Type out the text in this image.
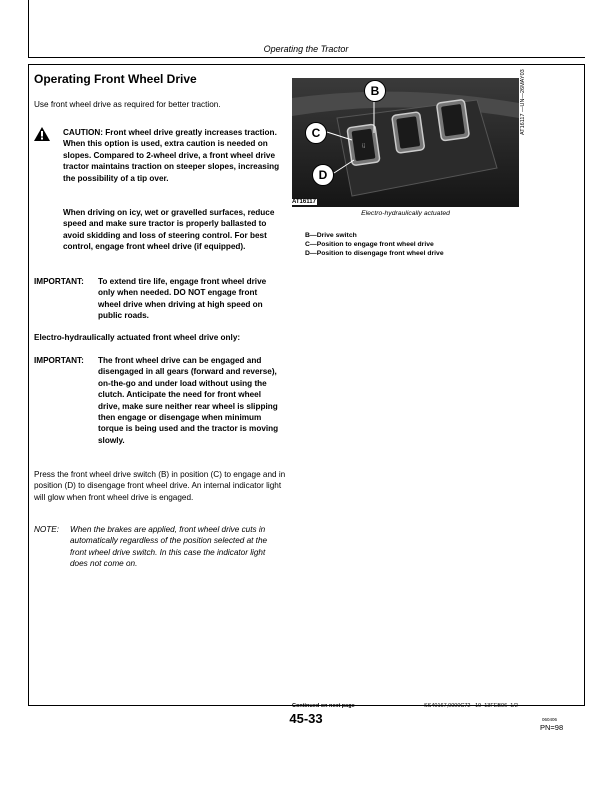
Operating the Tractor
Operating Front Wheel Drive
Use front wheel drive as required for better traction.
CAUTION: Front wheel drive greatly increases traction. When this option is used, extra caution is needed on slopes. Compared to 2-wheel drive, a front wheel drive tractor maintains traction on steeper slopes, increasing the possibility of a tip over.
When driving on icy, wet or gravelled surfaces, reduce speed and make sure tractor is properly ballasted to avoid skidding and loss of steering control. For best control, engage front wheel drive (if equipped).
IMPORTANT: To extend tire life, engage front wheel drive only when needed. DO NOT engage front wheel drive when driving at high speed on public roads.
Electro-hydraulically actuated front wheel drive only:
IMPORTANT: The front wheel drive can be engaged and disengaged in all gears (forward and reverse), on-the-go and under load without using the clutch. Anticipate the need for front wheel drive, make sure neither rear wheel is slipping then engage or disengage when minimum torque is being used and the tractor is moving slowly.
Press the front wheel drive switch (B) in position (C) to engage and in position (D) to disengage front wheel drive. An internal indicator light will glow when front wheel drive is engaged.
NOTE: When the brakes are applied, front wheel drive cuts in automatically regardless of the position selected at the front wheel drive switch. In this case the indicator light does not come on.
⁞⁞
B
C
D
AT16117
AT16117 —UN—26MAY03
Electro-hydraulically actuated
B—Drive switch
C—Position to engage front wheel drive
D—Position to disengage front wheel drive
Continued on next page	SS40167,0000C72 –19–13FEB06–1/2
45-33	060406
PN=98
